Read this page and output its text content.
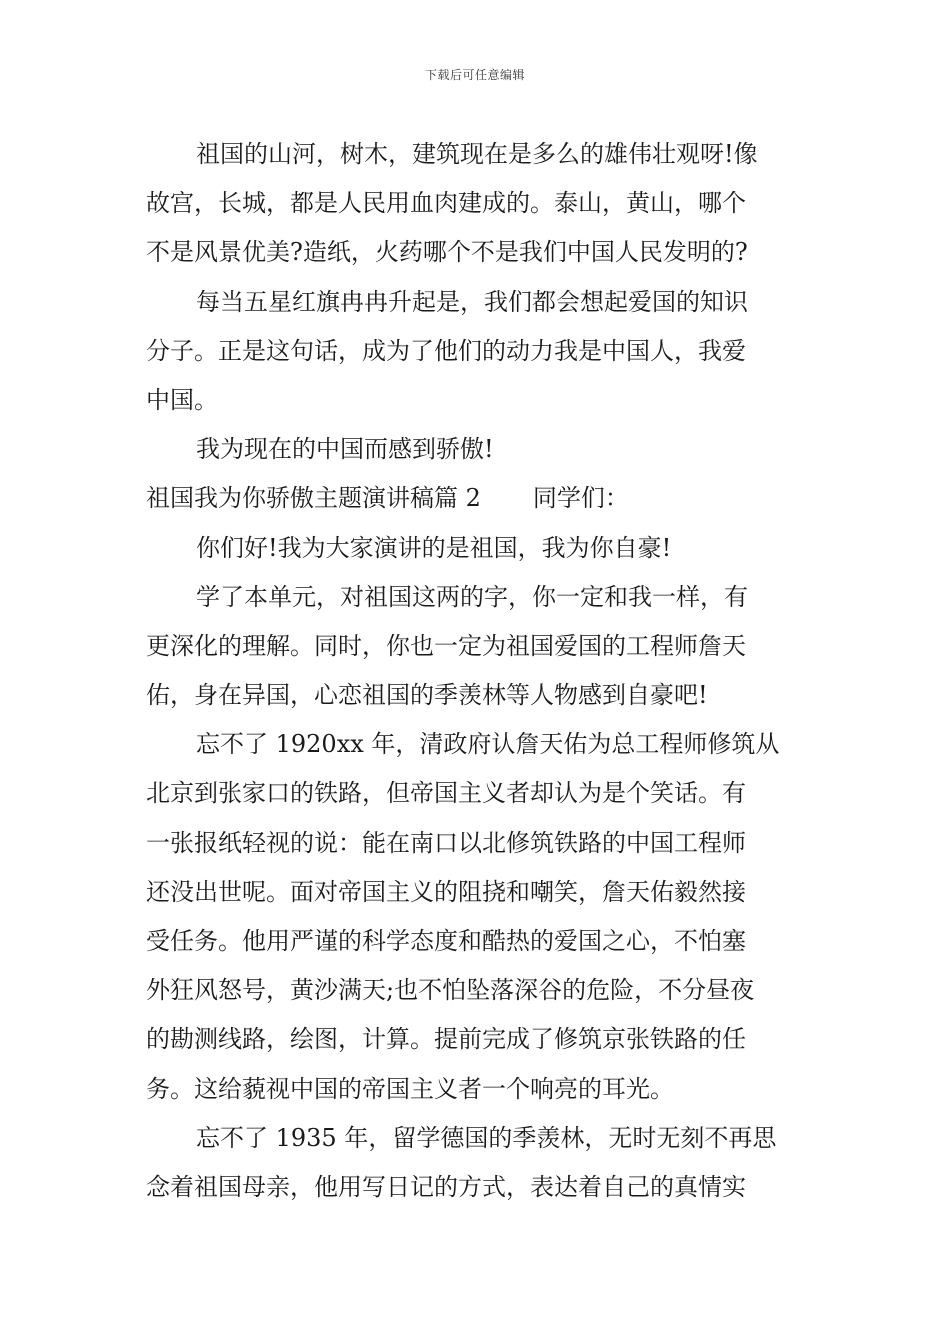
下载后可任意编辑
祖国的山河，树木，建筑现在是多么的雄伟壮观呀!像
故宫，长城，都是人民用血肉建成的。泰山，黄山，哪个
不是风景优美?造纸，火药哪个不是我们中国人民发明的?
每当五星红旗冉冉升起是，我们都会想起爱国的知识
分子。正是这句话，成为了他们的动力我是中国人，我爱
中国。
我为现在的中国而感到骄傲!
祖国我为你骄傲主题演讲稿篇 2 同学们：
你们好!我为大家演讲的是祖国，我为你自豪!
学了本单元，对祖国这两的字，你一定和我一样，有
更深化的理解。同时，你也一定为祖国爱国的工程师詹天
佑，身在异国，心恋祖国的季羡林等人物感到自豪吧!
忘不了 1920xx 年，清政府认詹天佑为总工程师修筑从
北京到张家口的铁路，但帝国主义者却认为是个笑话。有
一张报纸轻视的说：能在南口以北修筑铁路的中国工程师
还没出世呢。面对帝国主义的阻挠和嘲笑，詹天佑毅然接
受任务。他用严谨的科学态度和酷热的爱国之心，不怕塞
外狂风怒号，黄沙满天;也不怕坠落深谷的危险，不分昼夜
的勘测线路，绘图，计算。提前完成了修筑京张铁路的任
务。这给藐视中国的帝国主义者一个响亮的耳光。
忘不了 1935 年，留学德国的季羡林，无时无刻不再思
念着祖国母亲，他用写日记的方式，表达着自己的真情实
